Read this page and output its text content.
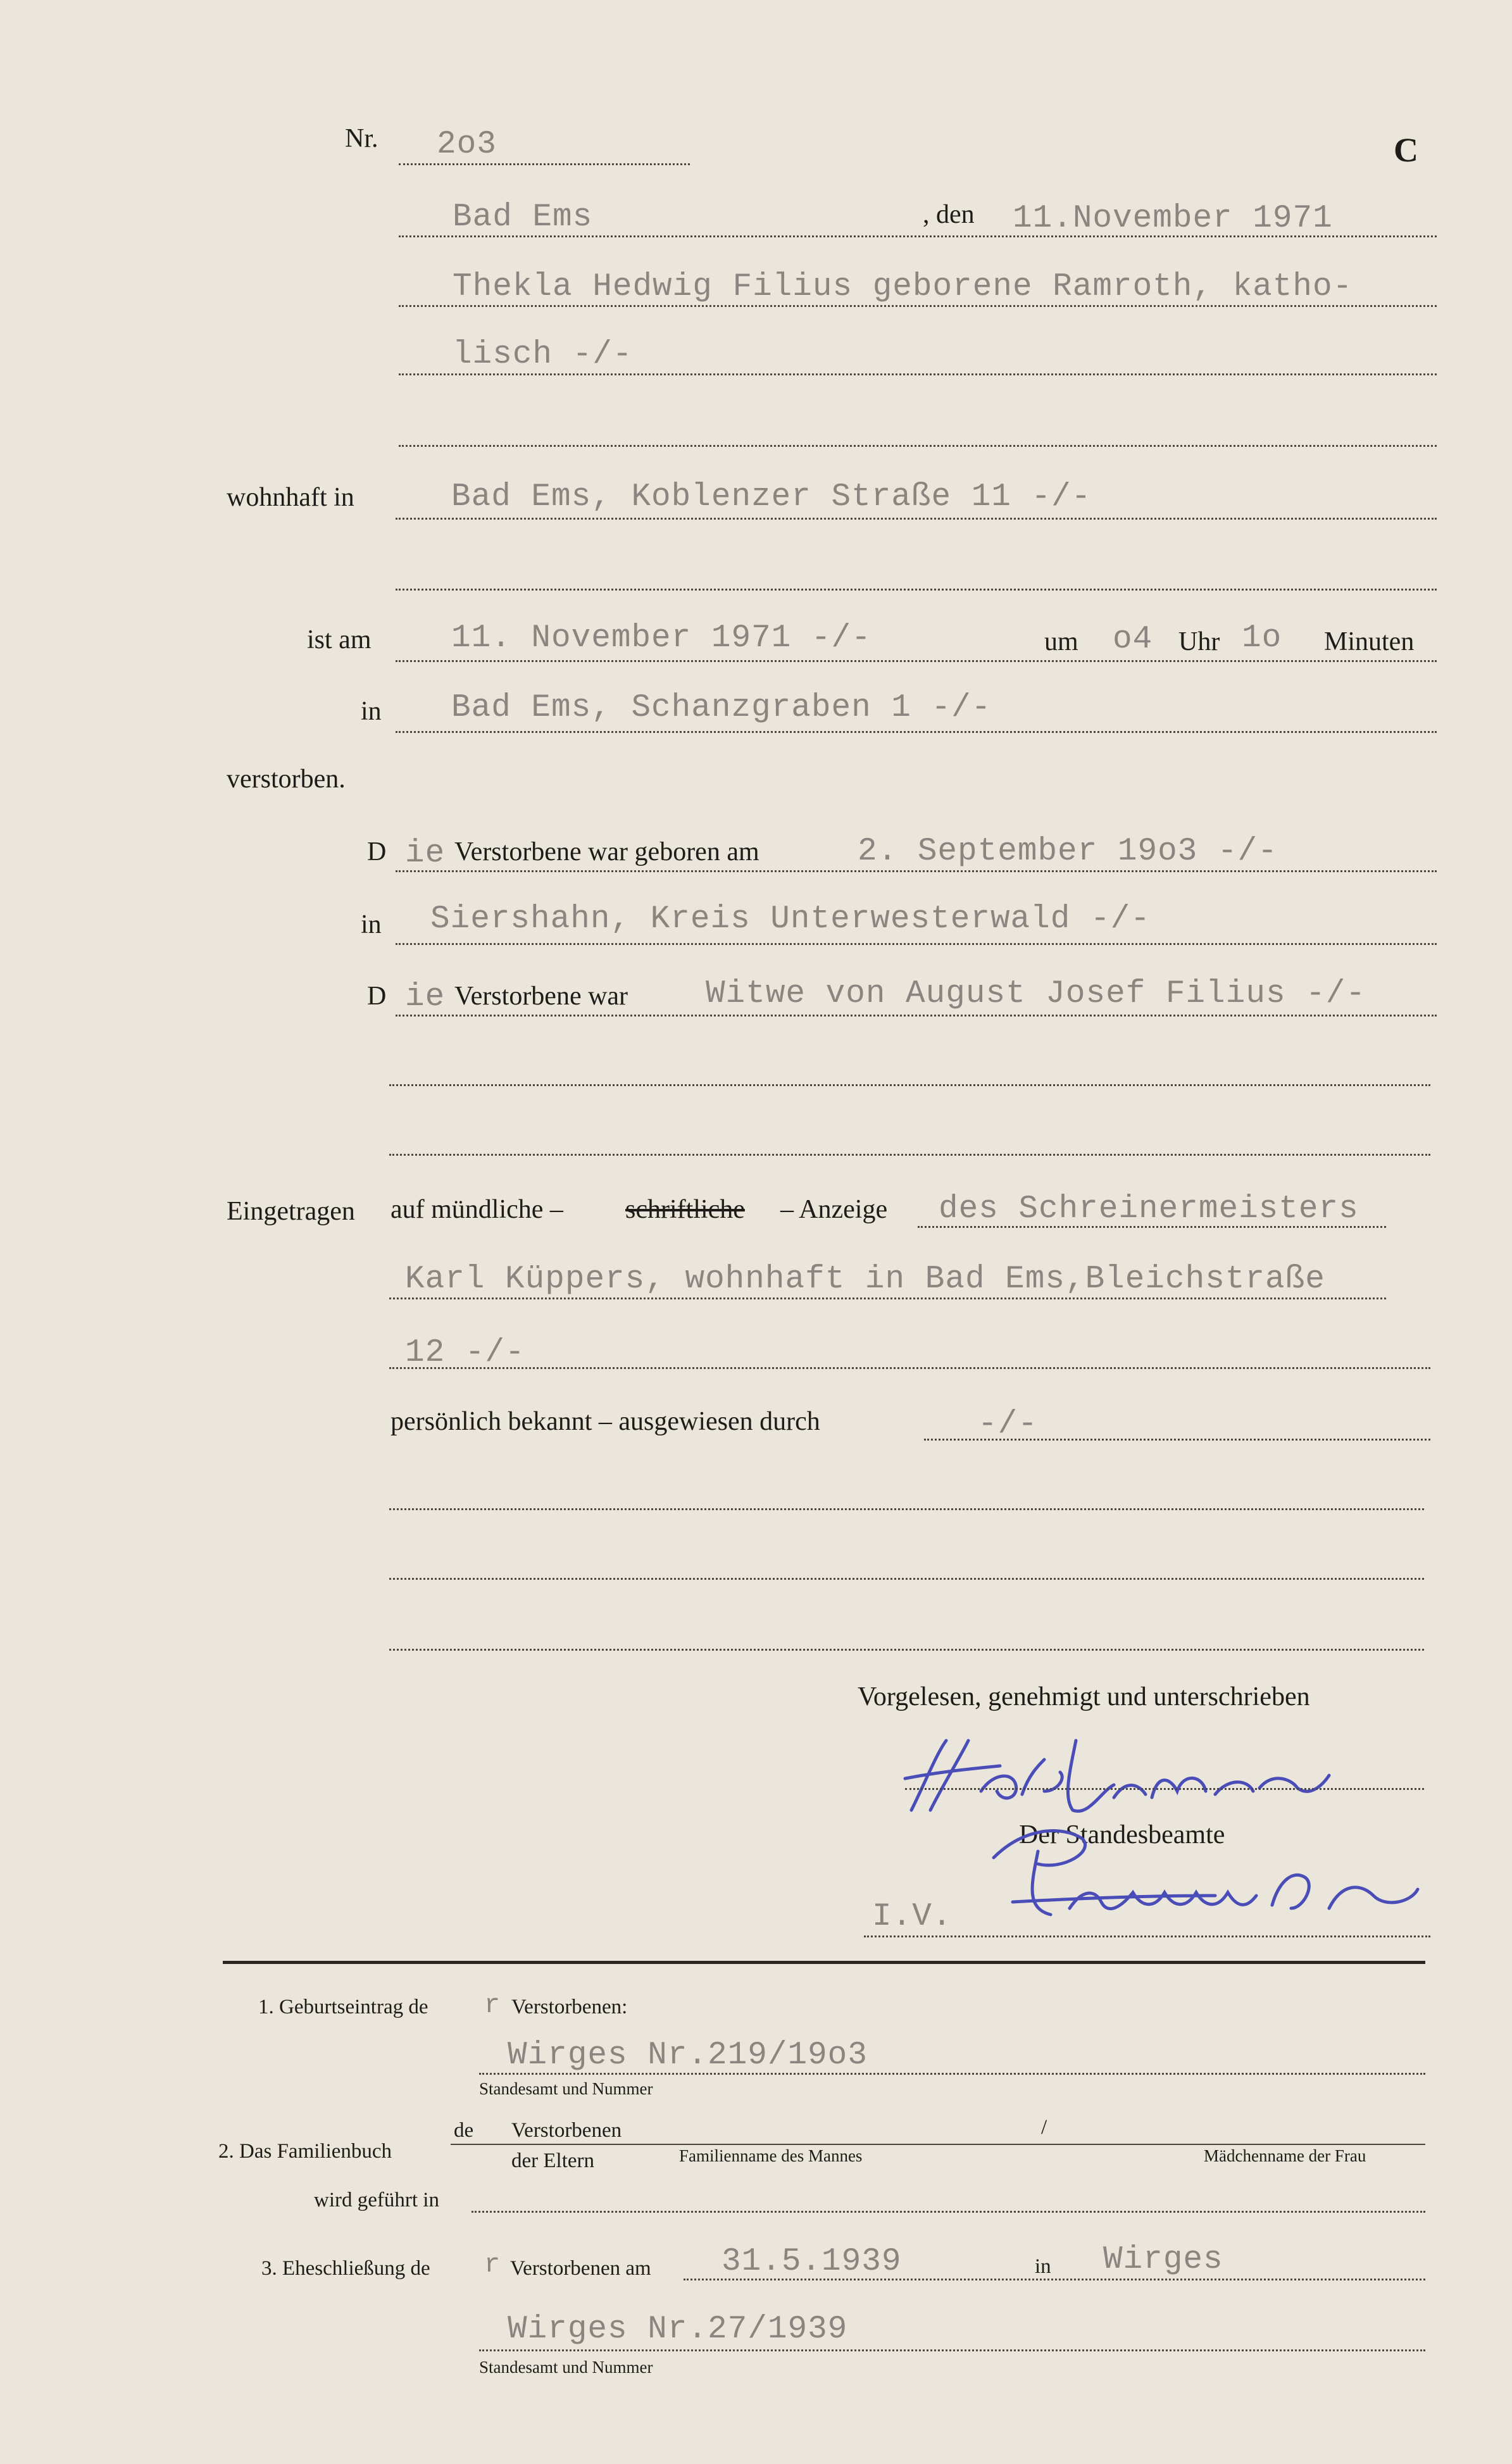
Nr. 2o3	C
Bad Ems	, den 11.November 1971
Thekla Hedwig Filius geborene Ramroth, katho-
lisch -/-
wohnhaft in	Bad Ems, Koblenzer Straße 11 -/-
ist am 11. November 1971 -/-	um o4 Uhr 1o Minuten
in Bad Ems, Schanzgraben 1 -/-
verstorben.
D ie Verstorbene war geboren am	2. September 19o3 -/-
in Siershahn, Kreis Unterwesterwald -/-
D ie Verstorbene war Witwe von August Josef Filius -/-
Eingetragen auf mündliche – schriftliche – Anzeige des Schreinermeisters
Karl Küppers, wohnhaft in Bad Ems,Bleichstraße
12 -/-
persönlich bekannt – ausgewiesen durch	-/-
Vorgelesen, genehmigt und unterschrieben
Der Standesbeamte
I.V.
1. Geburtseintrag de r Verstorbenen:
Wirges Nr.219/19o3
Standesamt und Nummer
2. Das Familienbuch
de Verstorbenen
der Eltern
/
Familienname des Mannes	Mädchenname der Frau
wird geführt in
3. Eheschließung de r Verstorbenen am 31.5.1939	in Wirges
Wirges Nr.27/1939
Standesamt und Nummer
